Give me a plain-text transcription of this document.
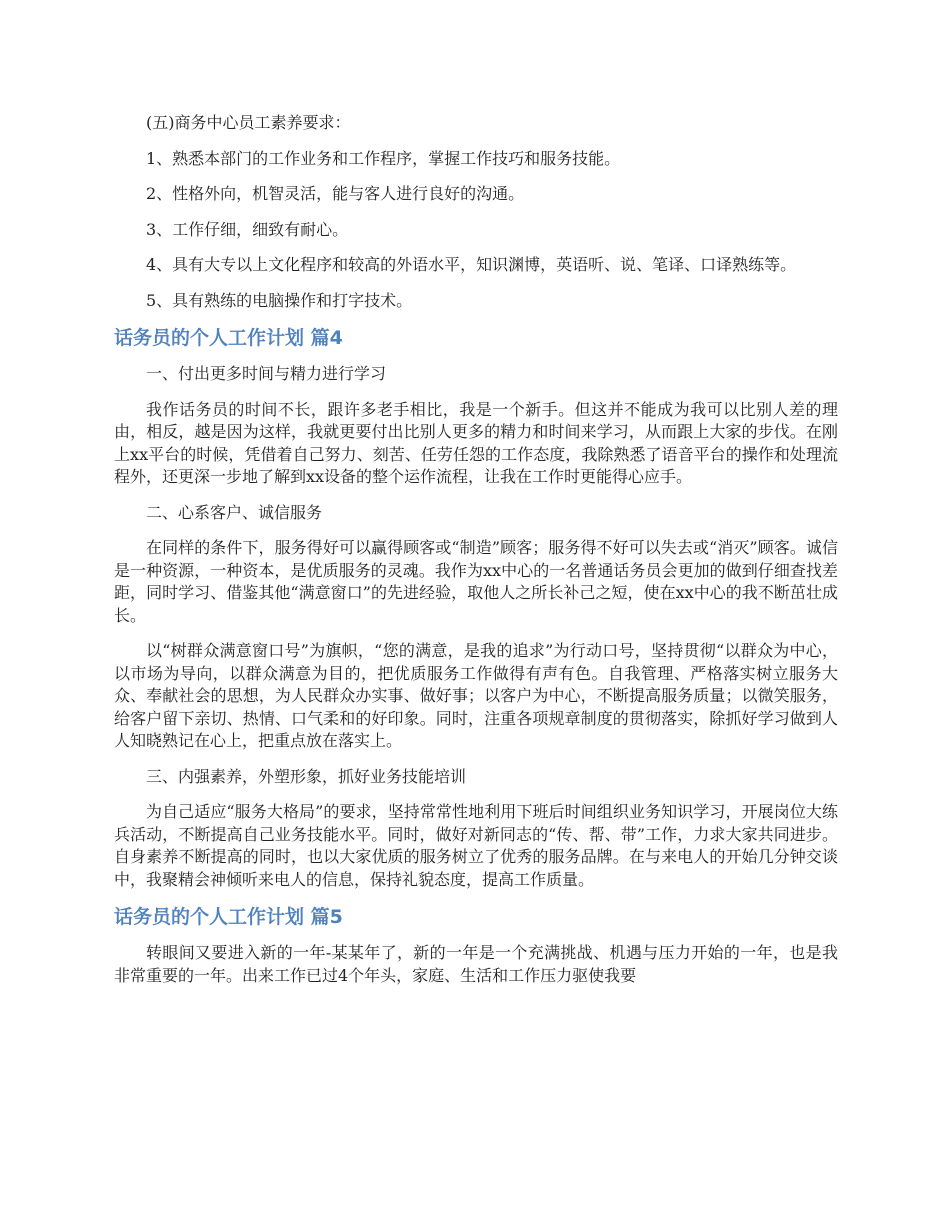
(五)商务中心员工素养要求：

1、熟悉本部门的工作业务和工作程序，掌握工作技巧和服务技能。

2、性格外向，机智灵活，能与客人进行良好的沟通。

3、工作仔细，细致有耐心。

4、具有大专以上文化程序和较高的外语水平，知识渊博，英语听、说、笔译、口译熟练等。

5、具有熟练的电脑操作和打字技术。

话务员的个人工作计划 篇4

一、付出更多时间与精力进行学习

我作话务员的时间不长，跟许多老手相比，我是一个新手。但这并不能成为我可以比别人差的理由，相反，越是因为这样，我就更要付出比别人更多的精力和时间来学习，从而跟上大家的步伐。在刚上xx平台的时候，凭借着自己努力、刻苦、任劳任怨的工作态度，我除熟悉了语音平台的操作和处理流程外，还更深一步地了解到xx设备的整个运作流程，让我在工作时更能得心应手。

二、心系客户、诚信服务

在同样的条件下，服务得好可以赢得顾客或“制造”顾客；服务得不好可以失去或“消灭”顾客。诚信是一种资源，一种资本，是优质服务的灵魂。我作为xx中心的一名普通话务员会更加的做到仔细查找差距，同时学习、借鉴其他“满意窗口”的先进经验，取他人之所长补己之短，使在xx中心的我不断茁壮成长。

以“树群众满意窗口号”为旗帜，“您的满意，是我的追求”为行动口号，坚持贯彻“以群众为中心，以市场为导向，以群众满意为目的，把优质服务工作做得有声有色。自我管理、严格落实树立服务大众、奉献社会的思想，为人民群众办实事、做好事；以客户为中心，不断提高服务质量；以微笑服务，给客户留下亲切、热情、口气柔和的好印象。同时，注重各项规章制度的贯彻落实，除抓好学习做到人人知晓熟记在心上，把重点放在落实上。

三、内强素养，外塑形象，抓好业务技能培训

为自己适应“服务大格局”的要求，坚持常常性地利用下班后时间组织业务知识学习，开展岗位大练兵活动，不断提高自己业务技能水平。同时，做好对新同志的“传、帮、带”工作，力求大家共同进步。自身素养不断提高的同时，也以大家优质的服务树立了优秀的服务品牌。在与来电人的开始几分钟交谈中，我聚精会神倾听来电人的信息，保持礼貌态度，提高工作质量。

话务员的个人工作计划 篇5

转眼间又要进入新的一年-某某年了，新的一年是一个充满挑战、机遇与压力开始的一年，也是我非常重要的一年。出来工作已过4个年头，家庭、生活和工作压力驱使我要
